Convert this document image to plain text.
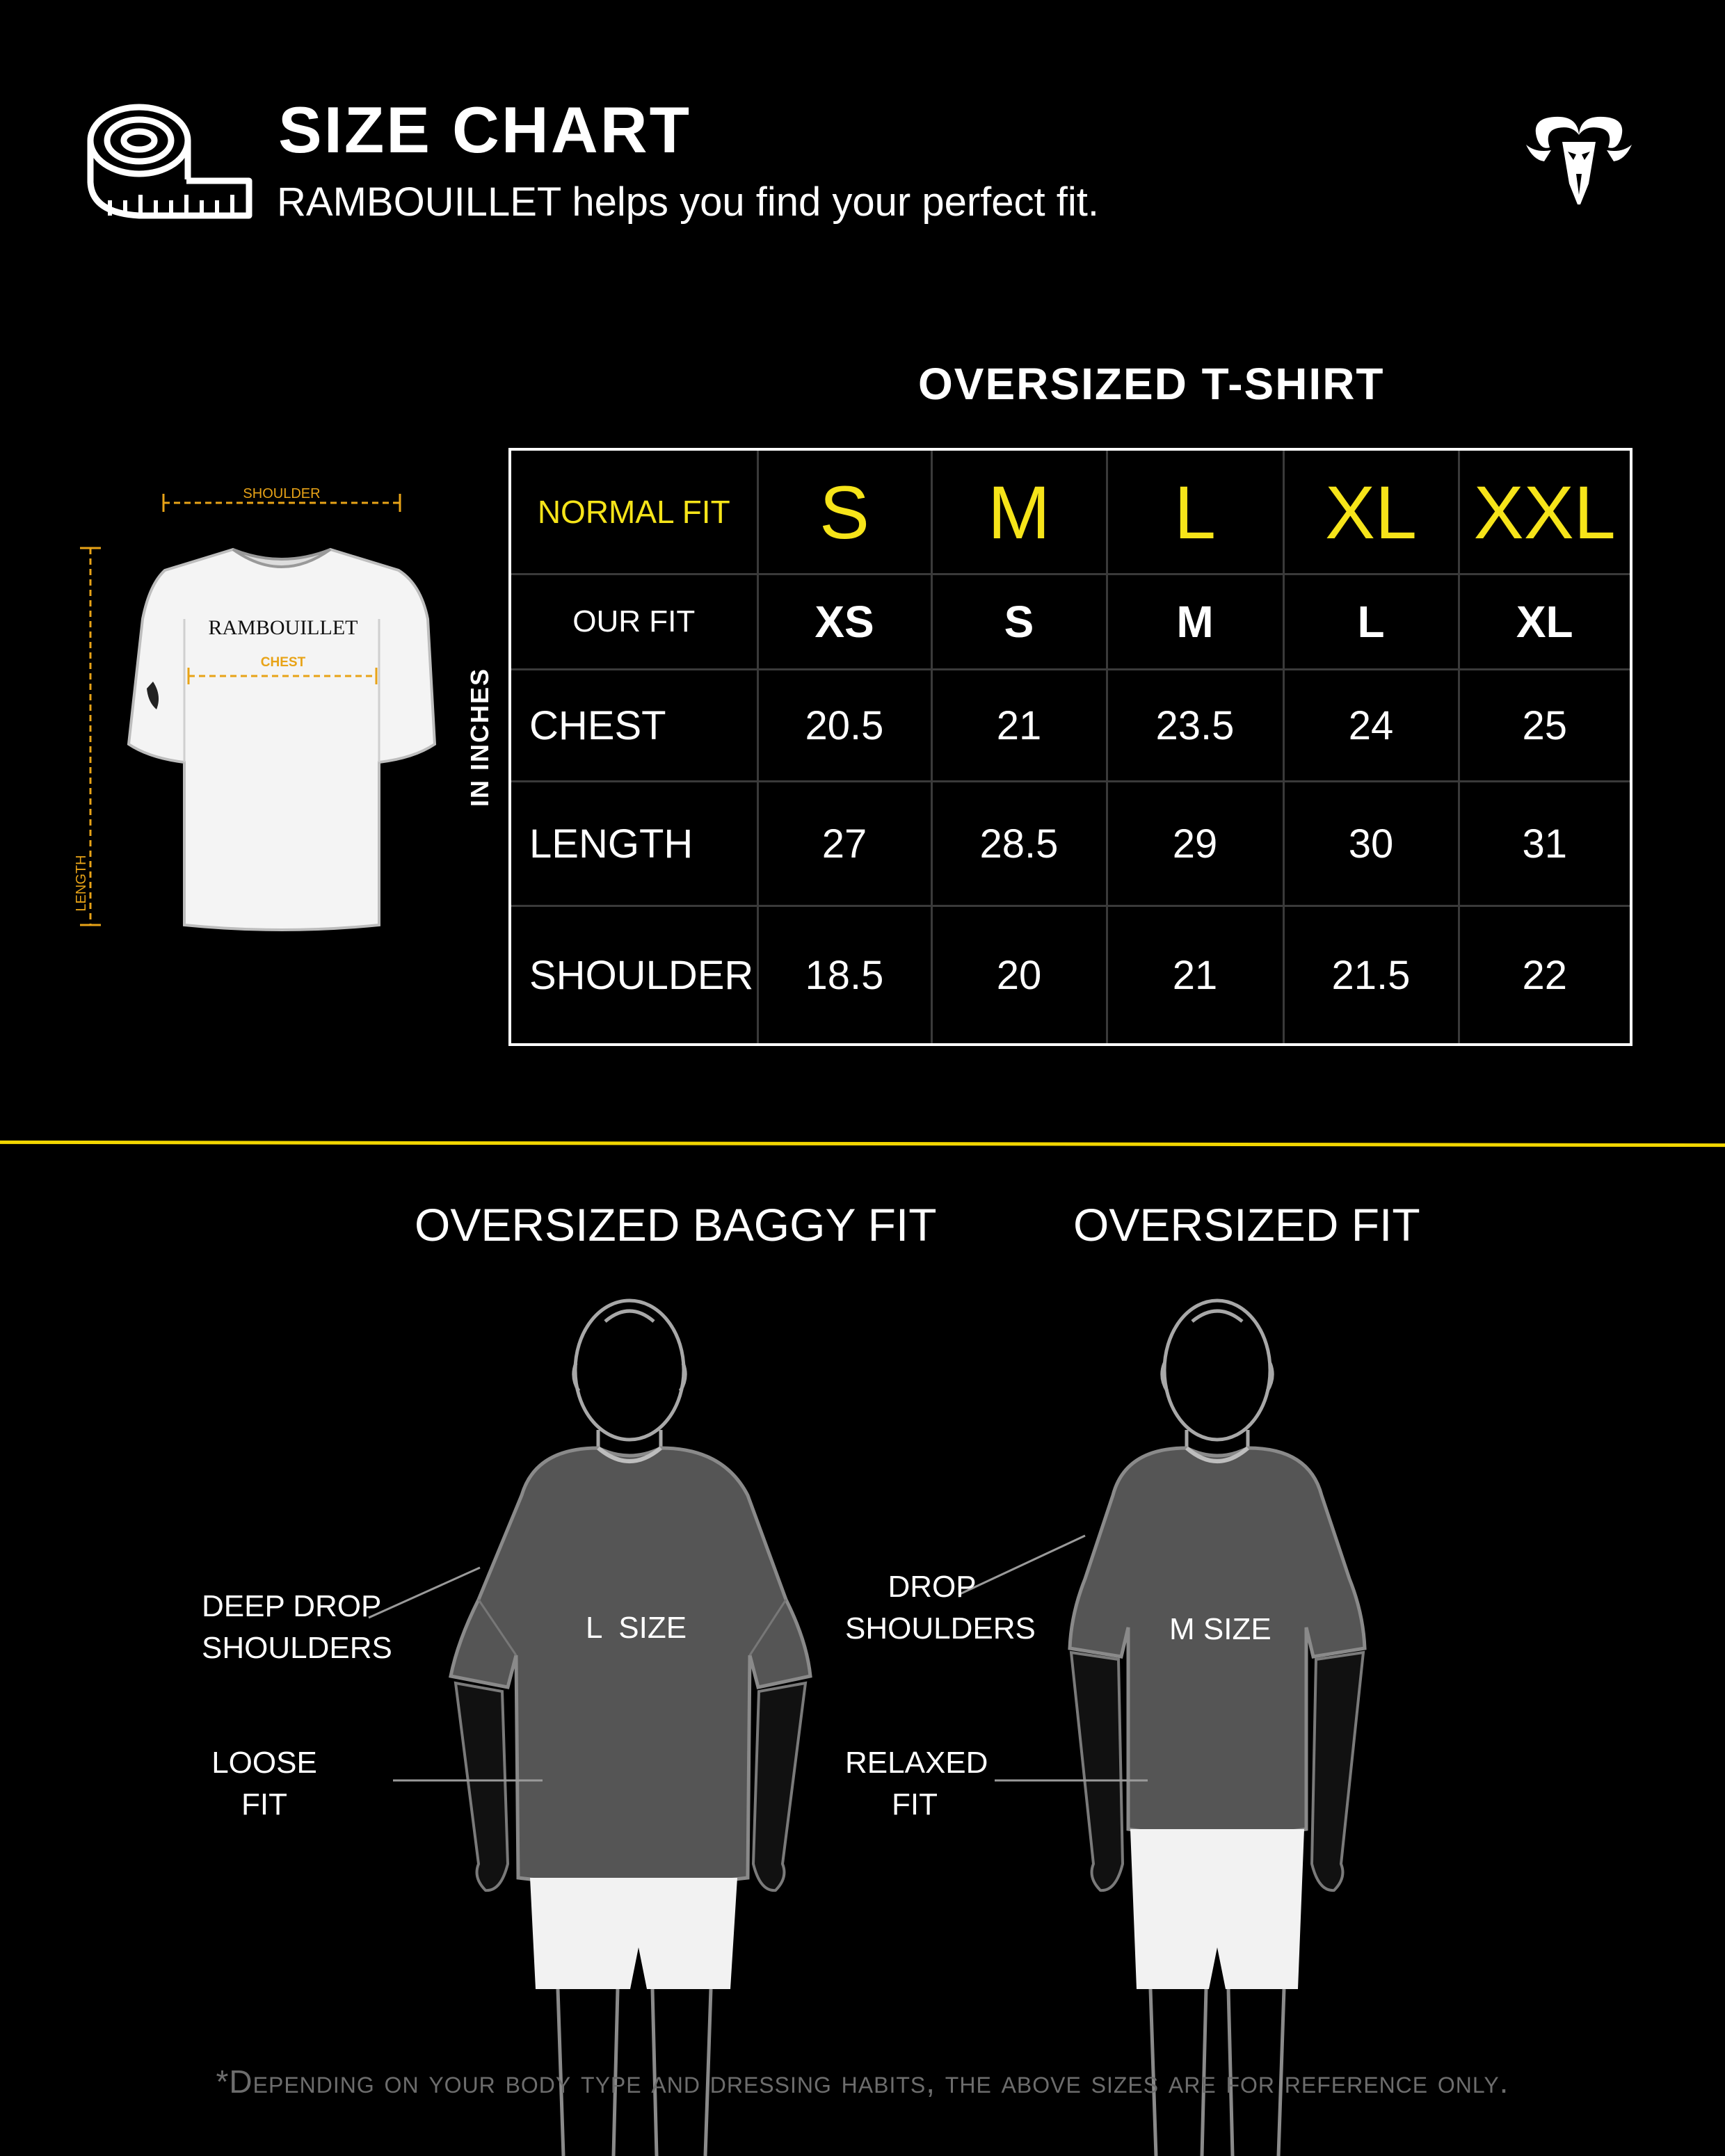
SIZE CHART
RAMBOUILLET helps you find your perfect fit.
OVERSIZED T-SHIRT
IN INCHES
NORMAL FIT	S	M	L	XL	XXL
OUR FIT	XS	S	M	L	XL
CHEST	20.5	21	23.5	24	25
LENGTH	27	28.5	29	30	31
SHOULDER	18.5	20	21	21.5	22
SHOULDER
LENGTH
RAMBOUILLET
CHEST
OVERSIZED BAGGY FIT	OVERSIZED FIT
DEEP DROP
SHOULDERS
LOOSE
FIT
L  SIZE
DROP
SHOULDERS
RELAXED
FIT
M SIZE
*Depending on your body type and dressing habits, the above sizes are for reference only.
